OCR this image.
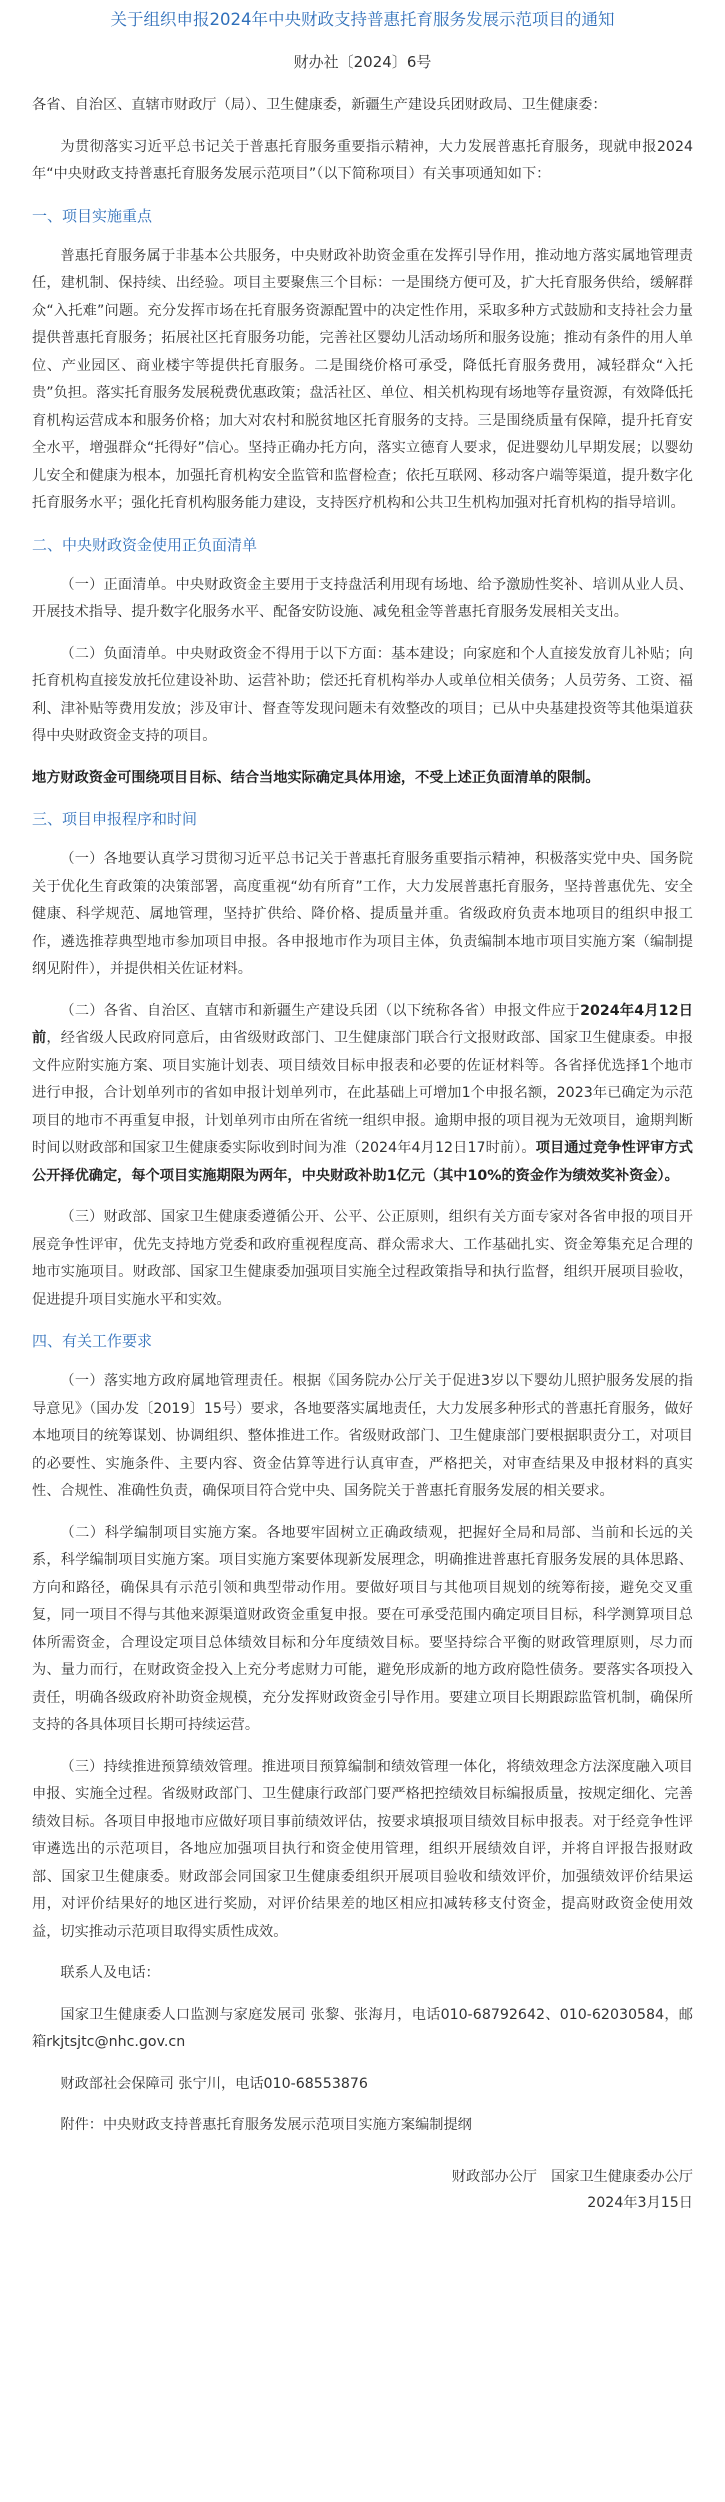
关于组织申报2024年中央财政支持普惠托育服务发展示范项目的通知
财办社〔2024〕6号

各省、自治区、直辖市财政厅（局）、卫生健康委，新疆生产建设兵团财政局、卫生健康委：

为贯彻落实习近平总书记关于普惠托育服务重要指示精神，大力发展普惠托育服务，现就申报2024年“中央财政支持普惠托育服务发展示范项目”（以下简称项目）有关事项通知如下：

一、项目实施重点

普惠托育服务属于非基本公共服务，中央财政补助资金重在发挥引导作用，推动地方落实属地管理责任，建机制、保持续、出经验。项目主要聚焦三个目标：一是围绕方便可及，扩大托育服务供给，缓解群众“入托难”问题。充分发挥市场在托育服务资源配置中的决定性作用，采取多种方式鼓励和支持社会力量提供普惠托育服务；拓展社区托育服务功能，完善社区婴幼儿活动场所和服务设施；推动有条件的用人单位、产业园区、商业楼宇等提供托育服务。二是围绕价格可承受，降低托育服务费用，减轻群众“入托贵”负担。落实托育服务发展税费优惠政策；盘活社区、单位、相关机构现有场地等存量资源，有效降低托育机构运营成本和服务价格；加大对农村和脱贫地区托育服务的支持。三是围绕质量有保障，提升托育安全水平，增强群众“托得好”信心。坚持正确办托方向，落实立德育人要求，促进婴幼儿早期发展；以婴幼儿安全和健康为根本，加强托育机构安全监管和监督检查；依托互联网、移动客户端等渠道，提升数字化托育服务水平；强化托育机构服务能力建设，支持医疗机构和公共卫生机构加强对托育机构的指导培训。

二、中央财政资金使用正负面清单

（一）正面清单。中央财政资金主要用于支持盘活利用现有场地、给予激励性奖补、培训从业人员、开展技术指导、提升数字化服务水平、配备安防设施、减免租金等普惠托育服务发展相关支出。

（二）负面清单。中央财政资金不得用于以下方面：基本建设；向家庭和个人直接发放育儿补贴；向托育机构直接发放托位建设补助、运营补助；偿还托育机构举办人或单位相关债务；人员劳务、工资、福利、津补贴等费用发放；涉及审计、督查等发现问题未有效整改的项目；已从中央基建投资等其他渠道获得中央财政资金支持的项目。

地方财政资金可围绕项目目标、结合当地实际确定具体用途，不受上述正负面清单的限制。

三、项目申报程序和时间

（一）各地要认真学习贯彻习近平总书记关于普惠托育服务重要指示精神，积极落实党中央、国务院关于优化生育政策的决策部署，高度重视“幼有所育”工作，大力发展普惠托育服务，坚持普惠优先、安全健康、科学规范、属地管理，坚持扩供给、降价格、提质量并重。省级政府负责本地项目的组织申报工作，遴选推荐典型地市参加项目申报。各申报地市作为项目主体，负责编制本地市项目实施方案（编制提纲见附件），并提供相关佐证材料。

（二）各省、自治区、直辖市和新疆生产建设兵团（以下统称各省）申报文件应于2024年4月12日前，经省级人民政府同意后，由省级财政部门、卫生健康部门联合行文报财政部、国家卫生健康委。申报文件应附实施方案、项目实施计划表、项目绩效目标申报表和必要的佐证材料等。各省择优选择1个地市进行申报，合计划单列市的省如申报计划单列市，在此基础上可增加1个申报名额，2023年已确定为示范项目的地市不再重复申报，计划单列市由所在省统一组织申报。逾期申报的项目视为无效项目，逾期判断时间以财政部和国家卫生健康委实际收到时间为准（2024年4月12日17时前）。项目通过竞争性评审方式公开择优确定，每个项目实施期限为两年，中央财政补助1亿元（其中10%的资金作为绩效奖补资金）。

（三）财政部、国家卫生健康委遵循公开、公平、公正原则，组织有关方面专家对各省申报的项目开展竞争性评审，优先支持地方党委和政府重视程度高、群众需求大、工作基础扎实、资金筹集充足合理的地市实施项目。财政部、国家卫生健康委加强项目实施全过程政策指导和执行监督，组织开展项目验收，促进提升项目实施水平和实效。

四、有关工作要求

（一）落实地方政府属地管理责任。根据《国务院办公厅关于促进3岁以下婴幼儿照护服务发展的指导意见》（国办发〔2019〕15号）要求，各地要落实属地责任，大力发展多种形式的普惠托育服务，做好本地项目的统筹谋划、协调组织、整体推进工作。省级财政部门、卫生健康部门要根据职责分工，对项目的必要性、实施条件、主要内容、资金估算等进行认真审查，严格把关，对审查结果及申报材料的真实性、合规性、准确性负责，确保项目符合党中央、国务院关于普惠托育服务发展的相关要求。

（二）科学编制项目实施方案。各地要牢固树立正确政绩观，把握好全局和局部、当前和长远的关系，科学编制项目实施方案。项目实施方案要体现新发展理念，明确推进普惠托育服务发展的具体思路、方向和路径，确保具有示范引领和典型带动作用。要做好项目与其他项目规划的统筹衔接，避免交叉重复，同一项目不得与其他来源渠道财政资金重复申报。要在可承受范围内确定项目目标，科学测算项目总体所需资金，合理设定项目总体绩效目标和分年度绩效目标。要坚持综合平衡的财政管理原则，尽力而为、量力而行，在财政资金投入上充分考虑财力可能，避免形成新的地方政府隐性债务。要落实各项投入责任，明确各级政府补助资金规模，充分发挥财政资金引导作用。要建立项目长期跟踪监管机制，确保所支持的各具体项目长期可持续运营。

（三）持续推进预算绩效管理。推进项目预算编制和绩效管理一体化，将绩效理念方法深度融入项目申报、实施全过程。省级财政部门、卫生健康行政部门要严格把控绩效目标编报质量，按规定细化、完善绩效目标。各项目申报地市应做好项目事前绩效评估，按要求填报项目绩效目标申报表。对于经竞争性评审遴选出的示范项目，各地应加强项目执行和资金使用管理，组织开展绩效自评，并将自评报告报财政部、国家卫生健康委。财政部会同国家卫生健康委组织开展项目验收和绩效评价，加强绩效评价结果运用，对评价结果好的地区进行奖励，对评价结果差的地区相应扣减转移支付资金，提高财政资金使用效益，切实推动示范项目取得实质性成效。

联系人及电话：

国家卫生健康委人口监测与家庭发展司 张黎、张海月，电话010-68792642、010-62030584，邮箱rkjtsjtc@nhc.gov.cn

财政部社会保障司 张宁川，电话010-68553876

附件：中央财政支持普惠托育服务发展示范项目实施方案编制提纲

财政部办公厅　国家卫生健康委办公厅
2024年3月15日
